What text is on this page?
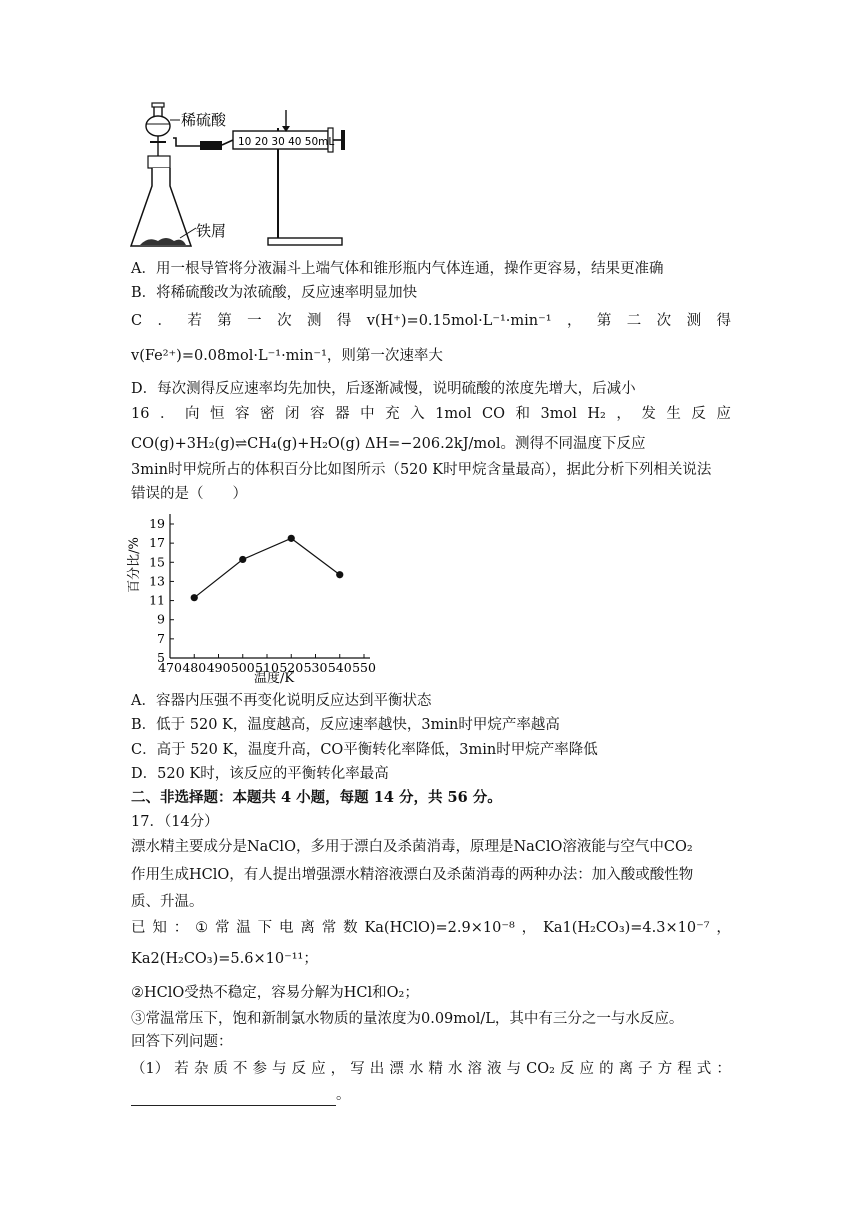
10 20 30 40 50mL
稀硫酸
铁屑
A．用一根导管将分液漏斗上端气体和锥形瓶内气体连通，操作更容易，结果更准确
B．将稀硫酸改为浓硫酸，反应速率明显加快
C ． 若 第 一 次 测 得 v(H⁺)=0.15mol·L⁻¹·min⁻¹ ， 第 二 次 测 得
v(Fe²⁺)=0.08mol·L⁻¹·min⁻¹，则第一次速率大
D．每次测得反应速率均先加快，后逐渐减慢，说明硫酸的浓度先增大，后减小
16 ． 向 恒 容 密 闭 容 器 中 充 入 1mol CO 和 3mol H₂ ， 发 生 反 应
CO(g)+3H₂(g)⇌CH₄(g)+H₂O(g) ΔH=−206.2kJ/mol。测得不同温度下反应
3min时甲烷所占的体积百分比如图所示（520 K时甲烷含量最高），据此分析下列相关说法
错误的是（　　）
470 480 490 500 510 520 530 540 550
5
7
9
11
13
15
17
19
温度/K
百分比/%
A．容器内压强不再变化说明反应达到平衡状态
B．低于 520 K，温度越高，反应速率越快，3min时甲烷产率越高
C．高于 520 K，温度升高，CO平衡转化率降低，3min时甲烷产率降低
D．520 K时，该反应的平衡转化率最高
二、非选择题：本题共 4 小题，每题 14 分，共 56 分。
17．（14分）
漂水精主要成分是NaClO，多用于漂白及杀菌消毒，原理是NaClO溶液能与空气中CO₂
作用生成HClO，有人提出增强漂水精溶液漂白及杀菌消毒的两种办法：加入酸或酸性物
质、升温。
已 知 ： ① 常 温 下 电 离 常 数 Ka(HClO)=2.9×10⁻⁸ ， Ka1(H₂CO₃)=4.3×10⁻⁷ ，
Ka2(H₂CO₃)=5.6×10⁻¹¹；
②HClO受热不稳定，容易分解为HCl和O₂；
③常温常压下，饱和新制氯水物质的量浓度为0.09mol/L，其中有三分之一与水反应。
回答下列问题：
（1） 若 杂 质 不 参 与 反 应 ， 写 出 漂 水 精 水 溶 液 与 CO₂ 反 应 的 离 子 方 程 式 ：
。
